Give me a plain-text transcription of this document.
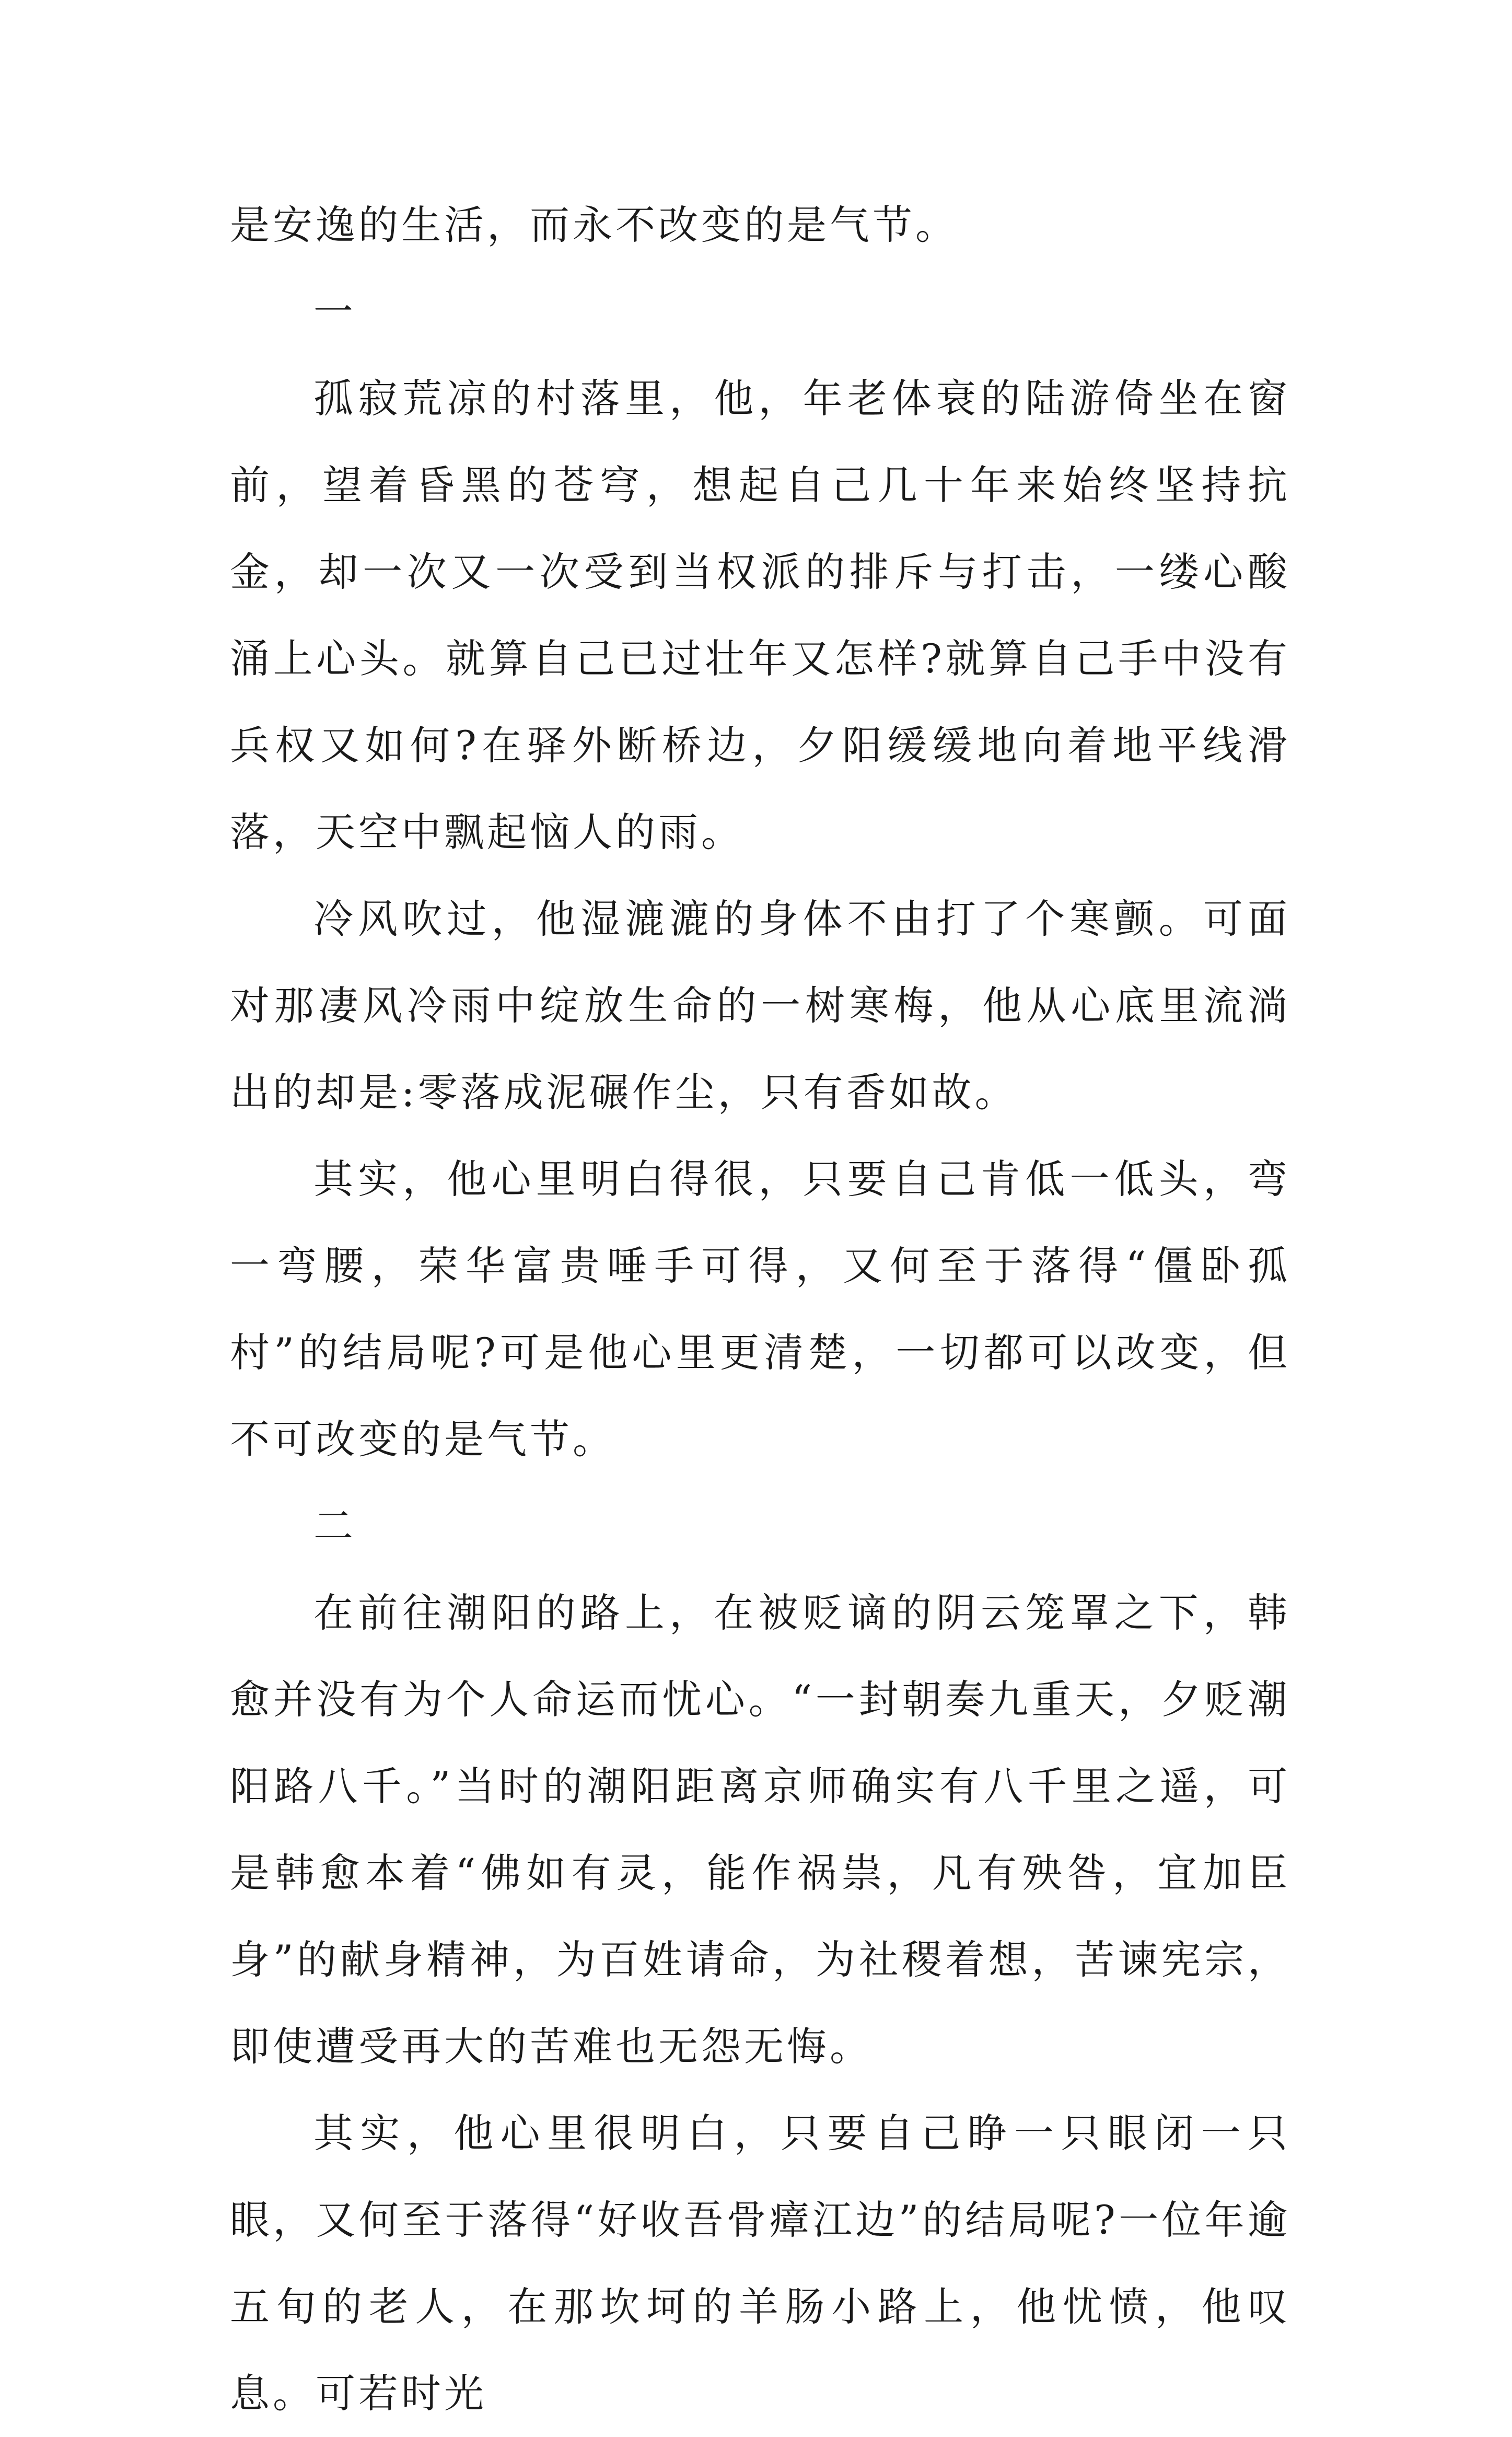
是安逸的生活，而永不改变的是气节。

一

孤寂荒凉的村落里，他，年老体衰的陆游倚坐在窗前，望着昏黑的苍穹，想起自己几十年来始终坚持抗金，却一次又一次受到当权派的排斥与打击，一缕心酸涌上心头。就算自己已过壮年又怎样?就算自己手中没有兵权又如何?在驿外断桥边，夕阳缓缓地向着地平线滑落，天空中飘起恼人的雨。

冷风吹过，他湿漉漉的身体不由打了个寒颤。可面对那凄风冷雨中绽放生命的一树寒梅，他从心底里流淌出的却是:零落成泥碾作尘，只有香如故。

其实，他心里明白得很，只要自己肯低一低头，弯一弯腰，荣华富贵唾手可得，又何至于落得“僵卧孤村”的结局呢?可是他心里更清楚，一切都可以改变，但不可改变的是气节。

二

在前往潮阳的路上，在被贬谪的阴云笼罩之下，韩愈并没有为个人命运而忧心。“一封朝奏九重天，夕贬潮阳路八千。”当时的潮阳距离京师确实有八千里之遥，可是韩愈本着“佛如有灵，能作祸祟，凡有殃咎，宜加臣身”的献身精神，为百姓请命，为社稷着想，苦谏宪宗，即使遭受再大的苦难也无怨无悔。

其实，他心里很明白，只要自己睁一只眼闭一只眼，又何至于落得“好收吾骨瘴江边”的结局呢?一位年逾五旬的老人，在那坎坷的羊肠小路上，他忧愤，他叹息。可若时光
